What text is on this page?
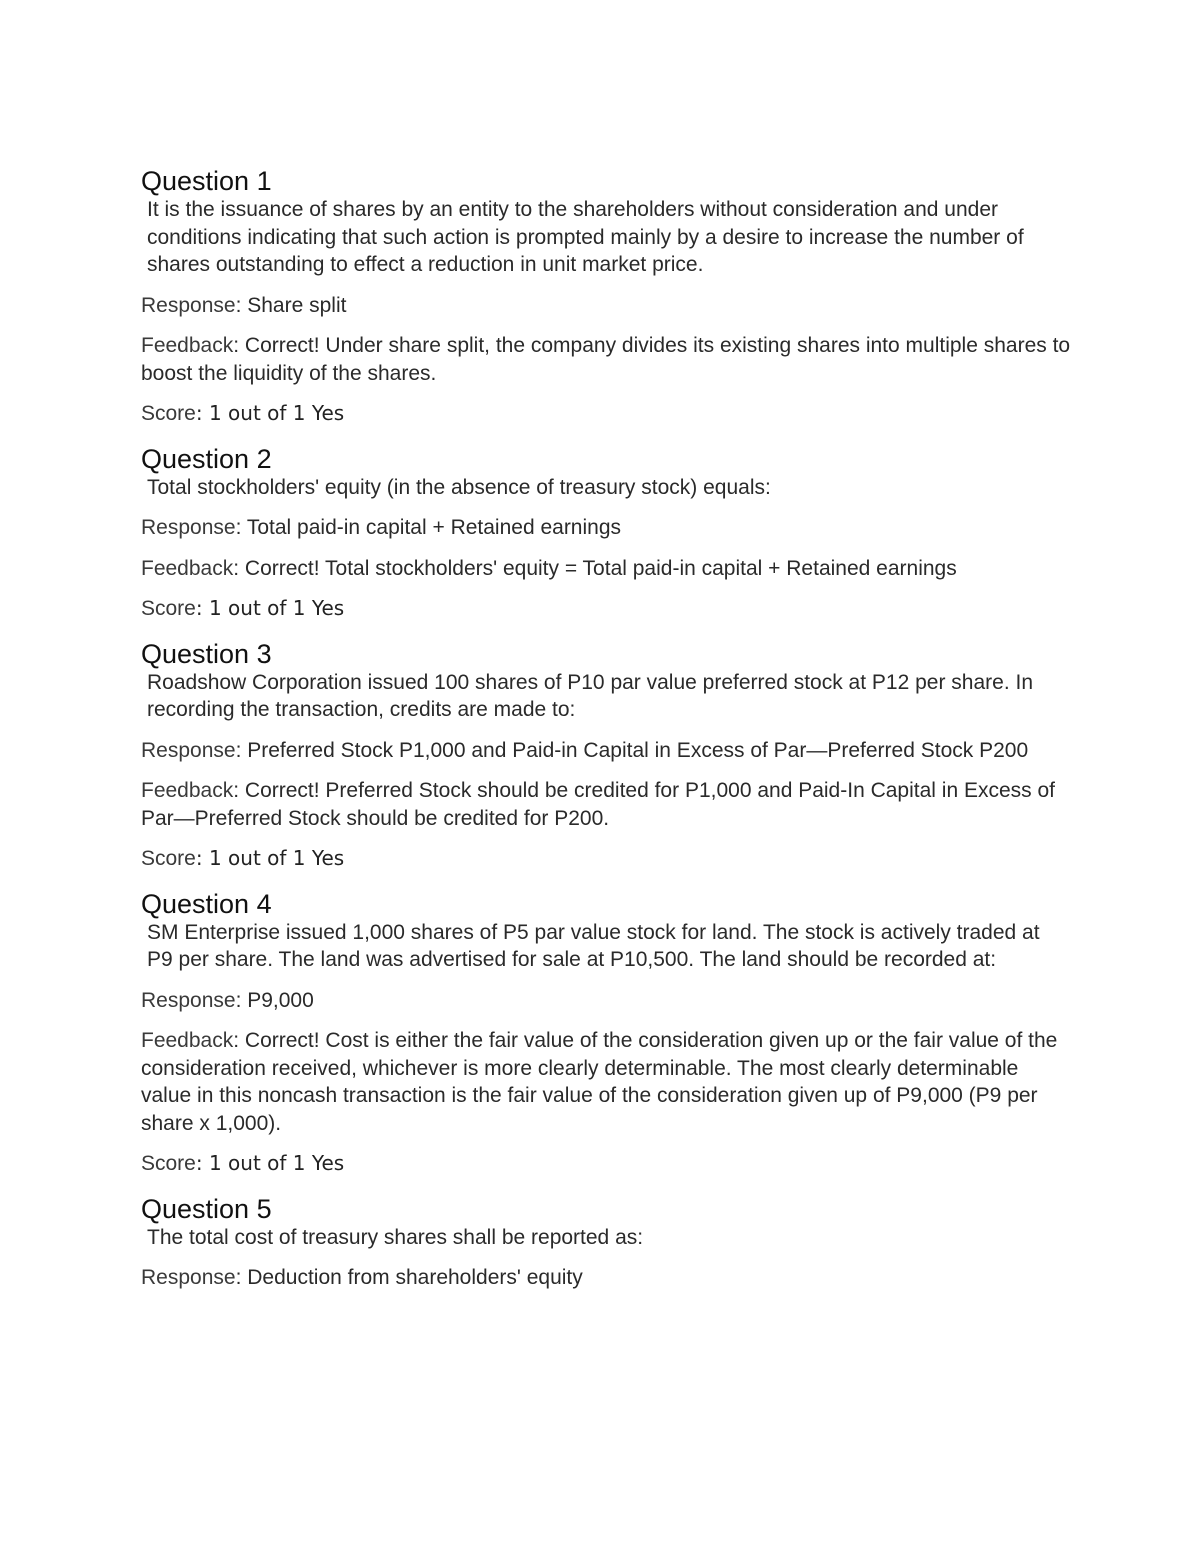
Question 1

It is the issuance of shares by an entity to the shareholders without consideration and under conditions indicating that such action is prompted mainly by a desire to increase the number of shares outstanding to effect a reduction in unit market price.

Response: Share split

Feedback: Correct! Under share split, the company divides its existing shares into multiple shares to boost the liquidity of the shares.

Score: 1 out of 1 Yes

Question 2

Total stockholders' equity (in the absence of treasury stock) equals:

Response: Total paid-in capital + Retained earnings

Feedback: Correct! Total stockholders' equity = Total paid-in capital + Retained earnings

Score: 1 out of 1 Yes

Question 3

Roadshow Corporation issued 100 shares of P10 par value preferred stock at P12 per share. In recording the transaction, credits are made to:

Response: Preferred Stock P1,000 and Paid-in Capital in Excess of Par—Preferred Stock P200

Feedback: Correct! Preferred Stock should be credited for P1,000 and Paid-In Capital in Excess of Par—Preferred Stock should be credited for P200.

Score: 1 out of 1 Yes

Question 4

SM Enterprise issued 1,000 shares of P5 par value stock for land. The stock is actively traded at P9 per share. The land was advertised for sale at P10,500. The land should be recorded at:

Response: P9,000

Feedback: Correct! Cost is either the fair value of the consideration given up or the fair value of the consideration received, whichever is more clearly determinable. The most clearly determinable value in this noncash transaction is the fair value of the consideration given up of P9,000 (P9 per share x 1,000).

Score: 1 out of 1 Yes

Question 5

The total cost of treasury shares shall be reported as:

Response: Deduction from shareholders' equity
